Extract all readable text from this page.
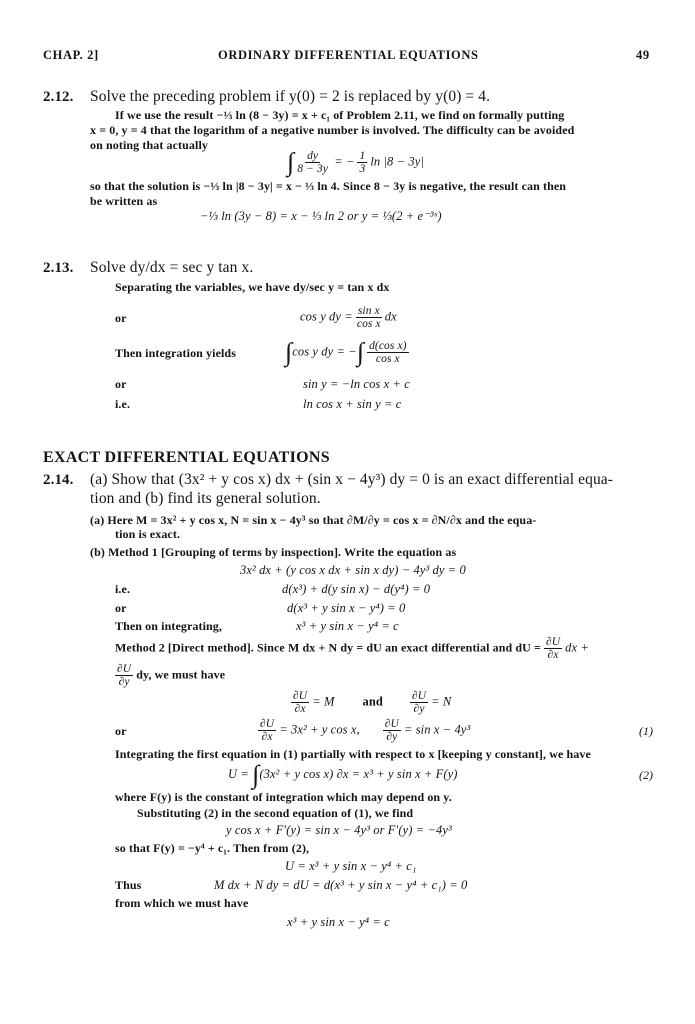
CHAP. 2]	ORDINARY DIFFERENTIAL EQUATIONS	49
2.12. Solve the preceding problem if y(0) = 2 is replaced by y(0) = 4.
If we use the result −⅓ ln (8 − 3y) = x + c₁ of Problem 2.11, we find on formally putting
x = 0, y = 4 that the logarithm of a negative number is involved. The difficulty can be avoided
on noting that actually
∫ $\frac{dy}{8 - 3y}$ = − $\frac{1}{3}$ ln |8 − 3y|
so that the solution is −⅓ ln |8 − 3y| = x − ⅓ ln 4. Since 8 − 3y is negative, the result can then
be written as
−⅓ ln (3y − 8) = x − ⅓ ln 2 or y = ⅓(2 + e⁻³ˣ)
2.13. Solve dy/dx = sec y tan x.
Separating the variables, we have dy/sec y = tan x dx
or	cos y dy = $\frac{\text{sin x}}{\text{cos x}}$ dx
Then integration yields ∫cos y dy = −∫ $\frac{\text{d(cos x)}}{\text{cos x}}$
or	sin y = −ln cos x + c
i.e.	ln cos x + sin y = c
EXACT DIFFERENTIAL EQUATIONS
2.14. (a) Show that (3x² + y cos x) dx + (sin x − 4y³) dy = 0 is an exact differential equa-
tion and (b) find its general solution.
(a) Here M = 3x² + y cos x, N = sin x − 4y³ so that ∂M/∂y = cos x = ∂N/∂x and the equa-
tion is exact.
(b) Method 1 [Grouping of terms by inspection]. Write the equation as
3x² dx + (y cos x dx + sin x dy) − 4y³ dy = 0
i.e.	d(x³) + d(y sin x) − d(y⁴) = 0
or	d(x³ + y sin x − y⁴) = 0
Then on integrating,	x³ + y sin x − y⁴ = c
Method 2 [Direct method]. Since M dx + N dy = dU an exact differential and dU = $\frac{\partial U}{\partial x}$ dx +
$\frac{\partial U}{\partial y}$ dy, we must have
$\frac{\partial U}{\partial x} = M$ and $\frac{\partial U}{\partial y} = N$
or	$\frac{\partial U}{\partial x} = 3x^2 + y$ cos x, $\frac{\partial U}{\partial y} = \sin x - 4y^3$	(1)
Integrating the first equation in (1) partially with respect to x [keeping y constant], we have
U = ∫(3x² + y cos x) ∂x = x³ + y sin x + F(y)	(2)
where F(y) is the constant of integration which may depend on y.
Substituting (2) in the second equation of (1), we find
y cos x + F′(y) = sin x − 4y³ or F′(y) = −4y³
so that F(y) = −y⁴ + c₁. Then from (2),
U = x³ + y sin x − y⁴ + c₁
Thus	M dx + N dy = dU = d(x³ + y sin x − y⁴ + c₁) = 0
from which we must have
x³ + y sin x − y⁴ = c
